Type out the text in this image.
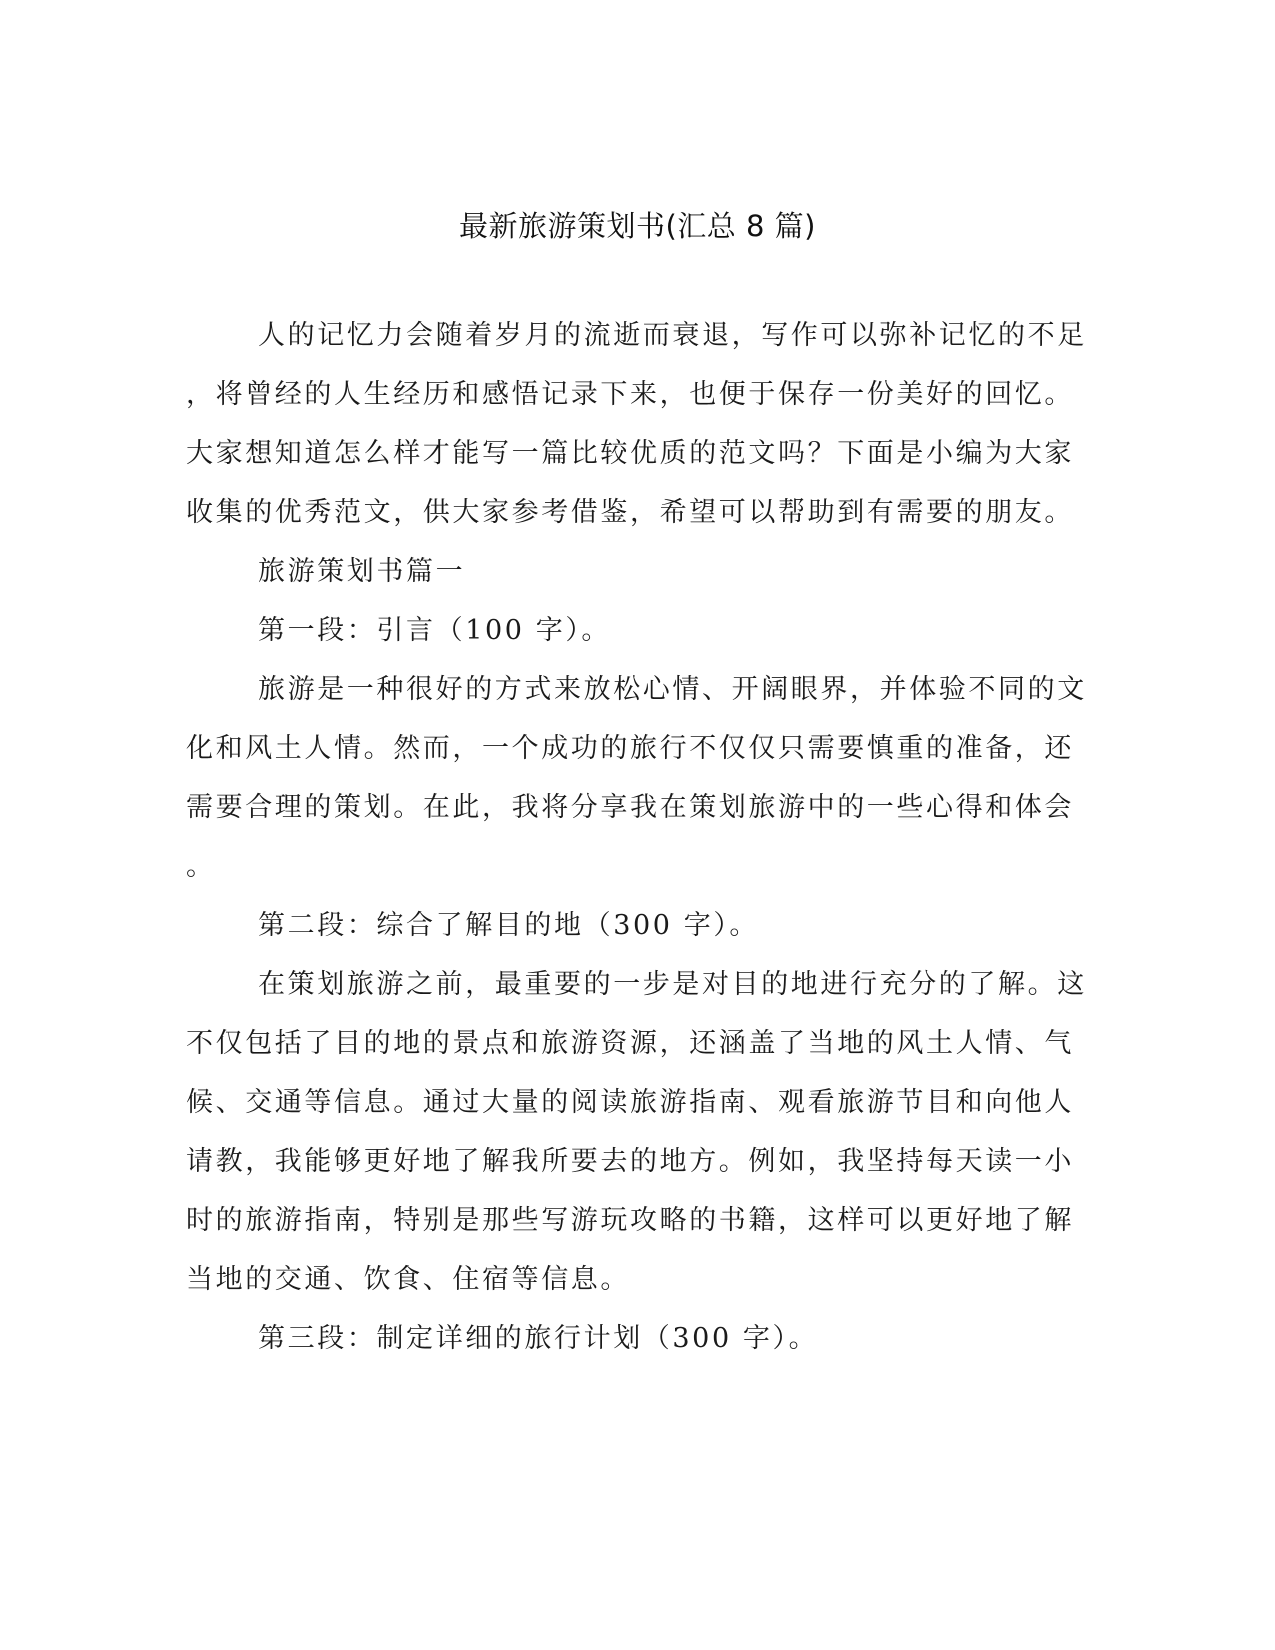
最新旅游策划书(汇总 8 篇)
人的记忆力会随着岁月的流逝而衰退，写作可以弥补记忆的不足
，将曾经的人生经历和感悟记录下来，也便于保存一份美好的回忆。
大家想知道怎么样才能写一篇比较优质的范文吗？下面是小编为大家
收集的优秀范文，供大家参考借鉴，希望可以帮助到有需要的朋友。
旅游策划书篇一
第一段：引言（100 字）。
旅游是一种很好的方式来放松心情、开阔眼界，并体验不同的文
化和风土人情。然而，一个成功的旅行不仅仅只需要慎重的准备，还
需要合理的策划。在此，我将分享我在策划旅游中的一些心得和体会
。
第二段：综合了解目的地（300 字）。
在策划旅游之前，最重要的一步是对目的地进行充分的了解。这
不仅包括了目的地的景点和旅游资源，还涵盖了当地的风土人情、气
候、交通等信息。通过大量的阅读旅游指南、观看旅游节目和向他人
请教，我能够更好地了解我所要去的地方。例如，我坚持每天读一小
时的旅游指南，特别是那些写游玩攻略的书籍，这样可以更好地了解
当地的交通、饮食、住宿等信息。
第三段：制定详细的旅行计划（300 字）。
